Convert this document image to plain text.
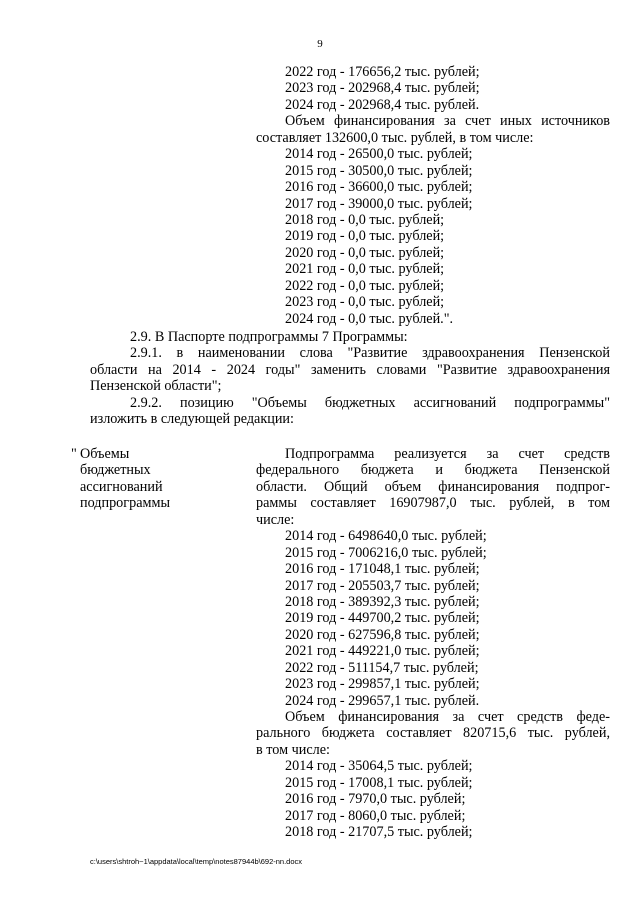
9
2022 год - 176656,2 тыс. рублей;
2023 год - 202968,4 тыс. рублей;
2024 год - 202968,4 тыс. рублей.
Объем финансирования за счет иных источников
составляет 132600,0 тыс. рублей, в том числе:
2014 год - 26500,0 тыс. рублей;
2015 год - 30500,0 тыс. рублей;
2016 год - 36600,0 тыс. рублей;
2017 год - 39000,0 тыс. рублей;
2018 год - 0,0 тыс. рублей;
2019 год - 0,0 тыс. рублей;
2020 год - 0,0 тыс. рублей;
2021 год - 0,0 тыс. рублей;
2022 год - 0,0 тыс. рублей;
2023 год - 0,0 тыс. рублей;
2024 год - 0,0 тыс. рублей.".
2.9. В Паспорте подпрограммы 7 Программы:
2.9.1. в наименовании слова "Развитие здравоохранения Пензенской
области на 2014 - 2024 годы" заменить словами "Развитие здравоохранения
Пензенской области";
2.9.2. позицию "Объемы бюджетных ассигнований подпрограммы"
изложить в следующей редакции:
" Объемы
бюджетных
ассигнований
подпрограммы
Подпрограмма реализуется за счет средств
федерального бюджета и бюджета Пензенской
области. Общий объем финансирования подпрог-
раммы составляет 16907987,0 тыс. рублей, в том
числе:
2014 год - 6498640,0 тыс. рублей;
2015 год - 7006216,0 тыс. рублей;
2016 год - 171048,1 тыс. рублей;
2017 год - 205503,7 тыс. рублей;
2018 год - 389392,3 тыс. рублей;
2019 год - 449700,2 тыс. рублей;
2020 год - 627596,8 тыс. рублей;
2021 год - 449221,0 тыс. рублей;
2022 год - 511154,7 тыс. рублей;
2023 год - 299857,1 тыс. рублей;
2024 год - 299657,1 тыс. рублей.
Объем финансирования за счет средств феде-
рального бюджета составляет 820715,6 тыс. рублей,
в том числе:
2014 год - 35064,5 тыс. рублей;
2015 год - 17008,1 тыс. рублей;
2016 год - 7970,0 тыс. рублей;
2017 год - 8060,0 тыс. рублей;
2018 год - 21707,5 тыс. рублей;
c:\users\shtroh~1\appdata\local\temp\notes87944b\692-nn.docx
